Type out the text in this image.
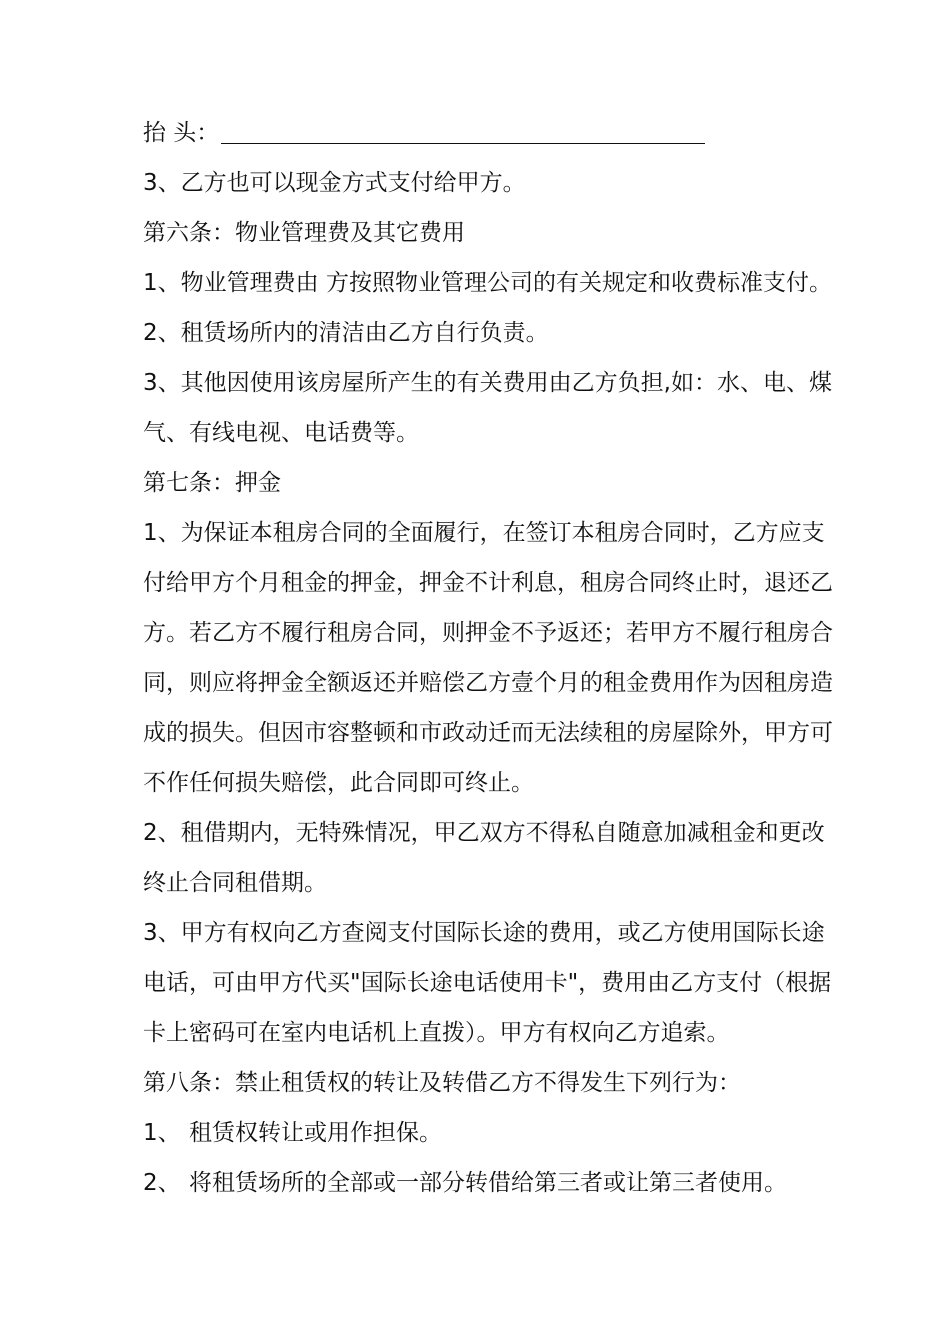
抬 头：
3、乙方也可以现金方式支付给甲方。
第六条：物业管理费及其它费用
1、物业管理费由 方按照物业管理公司的有关规定和收费标准支付。
2、租赁场所内的清洁由乙方自行负责。
3、其他因使用该房屋所产生的有关费用由乙方负担,如：水、电、煤
气、有线电视、电话费等。
第七条：押金
1、为保证本租房合同的全面履行，在签订本租房合同时，乙方应支
付给甲方个月租金的押金，押金不计利息，租房合同终止时，退还乙
方。若乙方不履行租房合同，则押金不予返还；若甲方不履行租房合
同，则应将押金全额返还并赔偿乙方壹个月的租金费用作为因租房造
成的损失。但因市容整顿和市政动迁而无法续租的房屋除外，甲方可
不作任何损失赔偿，此合同即可终止。
2、租借期内，无特殊情况，甲乙双方不得私自随意加减租金和更改
终止合同租借期。
3、甲方有权向乙方查阅支付国际长途的费用，或乙方使用国际长途
电话，可由甲方代买"国际长途电话使用卡"，费用由乙方支付（根据
卡上密码可在室内电话机上直拨）。甲方有权向乙方追索。
第八条：禁止租赁权的转让及转借乙方不得发生下列行为：
1、 租赁权转让或用作担保。
2、 将租赁场所的全部或一部分转借给第三者或让第三者使用。
